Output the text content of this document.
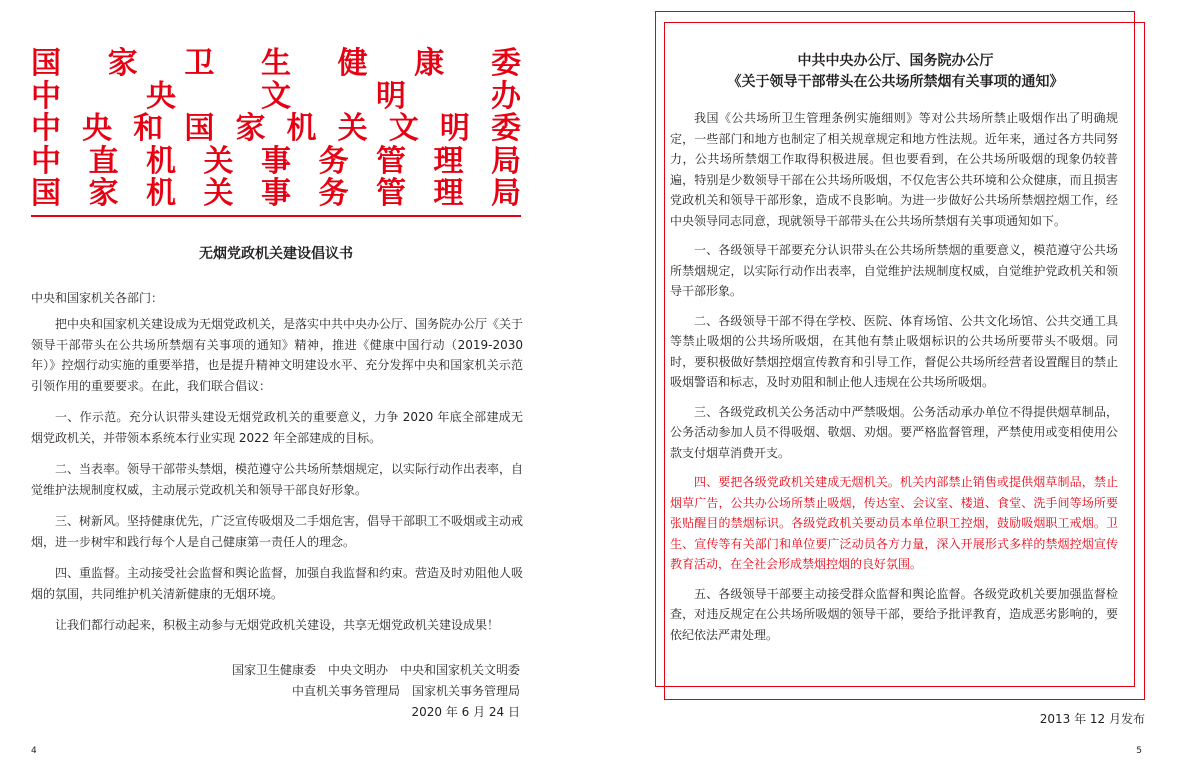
国 家 卫 生 健 康 委
中	央	文	明	办
中 央 和 国 家 机 关 文 明 委
中 直 机 关 事 务 管 理 局
国 家 机 关 事 务 管 理 局
无烟党政机关建设倡议书
中央和国家机关各部门：

把中央和国家机关建设成为无烟党政机关，是落实中共中央办公厅、国务院办公厅《关于领导干部带头在公共场所禁烟有关事项的通知》精神，推进《健康中国行动（2019-2030年）》控烟行动实施的重要举措，也是提升精神文明建设水平、充分发挥中央和国家机关示范引领作用的重要要求。在此，我们联合倡议：

一、作示范。充分认识带头建设无烟党政机关的重要意义，力争 2020 年底全部建成无烟党政机关，并带领本系统本行业实现 2022 年全部建成的目标。

二、当表率。领导干部带头禁烟，模范遵守公共场所禁烟规定，以实际行动作出表率，自觉维护法规制度权威，主动展示党政机关和领导干部良好形象。

三、树新风。坚持健康优先，广泛宣传吸烟及二手烟危害，倡导干部职工不吸烟或主动戒烟，进一步树牢和践行每个人是自己健康第一责任人的理念。

四、重监督。主动接受社会监督和舆论监督，加强自我监督和约束。营造及时劝阻他人吸烟的氛围，共同维护机关清新健康的无烟环境。

让我们都行动起来，积极主动参与无烟党政机关建设，共享无烟党政机关建设成果！

国家卫生健康委　中央文明办　中央和国家机关文明委
中直机关事务管理局　国家机关事务管理局
2020 年 6 月 24 日
4
中共中央办公厅、国务院办公厅
《关于领导干部带头在公共场所禁烟有关事项的通知》

我国《公共场所卫生管理条例实施细则》等对公共场所禁止吸烟作出了明确规定，一些部门和地方也制定了相关规章规定和地方性法规。近年来，通过各方共同努力，公共场所禁烟工作取得积极进展。但也要看到，在公共场所吸烟的现象仍较普遍，特别是少数领导干部在公共场所吸烟，不仅危害公共环境和公众健康，而且损害党政机关和领导干部形象，造成不良影响。为进一步做好公共场所禁烟控烟工作，经中央领导同志同意，现就领导干部带头在公共场所禁烟有关事项通知如下。

一、各级领导干部要充分认识带头在公共场所禁烟的重要意义，模范遵守公共场所禁烟规定，以实际行动作出表率，自觉维护法规制度权威，自觉维护党政机关和领导干部形象。

二、各级领导干部不得在学校、医院、体育场馆、公共文化场馆、公共交通工具等禁止吸烟的公共场所吸烟，在其他有禁止吸烟标识的公共场所要带头不吸烟。同时，要积极做好禁烟控烟宣传教育和引导工作，督促公共场所经营者设置醒目的禁止吸烟警语和标志，及时劝阻和制止他人违规在公共场所吸烟。

三、各级党政机关公务活动中严禁吸烟。公务活动承办单位不得提供烟草制品，公务活动参加人员不得吸烟、敬烟、劝烟。要严格监督管理，严禁使用或变相使用公款支付烟草消费开支。

四、要把各级党政机关建成无烟机关。机关内部禁止销售或提供烟草制品，禁止烟草广告，公共办公场所禁止吸烟，传达室、会议室、楼道、食堂、洗手间等场所要张贴醒目的禁烟标识。各级党政机关要动员本单位职工控烟，鼓励吸烟职工戒烟。卫生、宣传等有关部门和单位要广泛动员各方力量，深入开展形式多样的禁烟控烟宣传教育活动，在全社会形成禁烟控烟的良好氛围。

五、各级领导干部要主动接受群众监督和舆论监督。各级党政机关要加强监督检查，对违反规定在公共场所吸烟的领导干部，要给予批评教育，造成恶劣影响的，要依纪依法严肃处理。

2013 年 12 月发布
5
